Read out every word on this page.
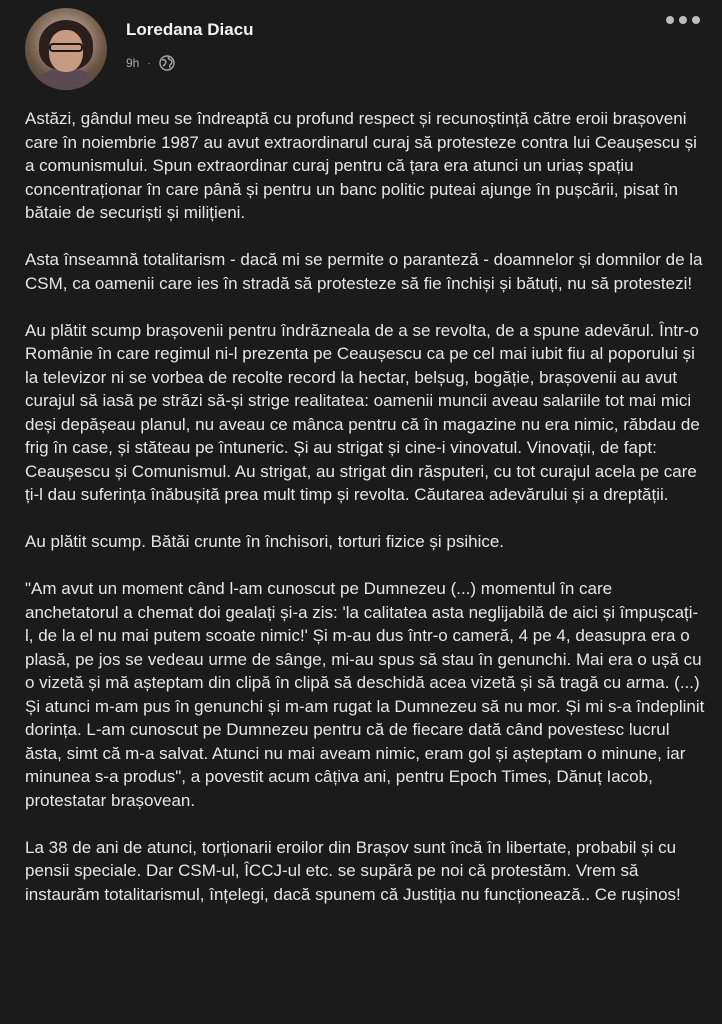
Loredana Diacu
9h ·

Astăzi, gândul meu se îndreaptă cu profund respect și recunoștință către eroii brașoveni care în noiembrie 1987 au avut extraordinarul curaj să protesteze contra lui Ceaușescu și a comunismului. Spun extraordinar curaj pentru că țara era atunci un uriaș spațiu concentraționar în care până și pentru un banc politic puteai ajunge în pușcării, pisat în bătaie de securiști și milițieni.

Asta înseamnă totalitarism - dacă mi se permite o paranteză - doamnelor și domnilor de la CSM, ca oamenii care ies în stradă să protesteze să fie închiși și bătuți, nu să protestezi!

Au plătit scump brașovenii pentru îndrăzneala de a se revolta, de a spune adevărul. Într-o Românie în care regimul ni-l prezenta pe Ceaușescu ca pe cel mai iubit fiu al poporului și la televizor ni se vorbea de recolte record la hectar, belșug, bogăție, brașovenii au avut curajul să iasă pe străzi să-și strige realitatea: oamenii muncii aveau salariile tot mai mici deși depășeau planul, nu aveau ce mânca pentru că în magazine nu era nimic, răbdau de frig în case, și stăteau pe întuneric. Și au strigat și cine-i vinovatul. Vinovații, de fapt: Ceaușescu și Comunismul. Au strigat, au strigat din răsputeri, cu tot curajul acela pe care ți-l dau suferința înăbușită prea mult timp și revolta. Căutarea adevărului și a dreptății.

Au plătit scump. Bătăi crunte în închisori, torturi fizice și psihice.

"Am avut un moment când l-am cunoscut pe Dumnezeu (...) momentul în care anchetatorul a chemat doi gealați și-a zis: 'la calitatea asta neglijabilă de aici și împușcați-l, de la el nu mai putem scoate nimic!' Și m-au dus într-o cameră, 4 pe 4, deasupra era o plasă, pe jos se vedeau urme de sânge, mi-au spus să stau în genunchi. Mai era o ușă cu o vizetă și mă așteptam din clipă în clipă să deschidă acea vizetă și să tragă cu arma. (...) Și atunci m-am pus în genunchi și m-am rugat la Dumnezeu să nu mor. Și mi s-a îndeplinit dorința. L-am cunoscut pe Dumnezeu pentru că de fiecare dată când povestesc lucrul ăsta, simt că m-a salvat. Atunci nu mai aveam nimic, eram gol și așteptam o minune, iar minunea s-a produs", a povestit acum câțiva ani, pentru Epoch Times, Dănuț Iacob, protestatar brașovean.

La 38 de ani de atunci, torționarii eroilor din Brașov sunt încă în libertate, probabil și cu pensii speciale. Dar CSM-ul, ÎCCJ-ul etc. se supără pe noi că protestăm. Vrem să instaurăm totalitarismul, înțelegi, dacă spunem că Justiția nu funcționează.. Ce rușinos!
